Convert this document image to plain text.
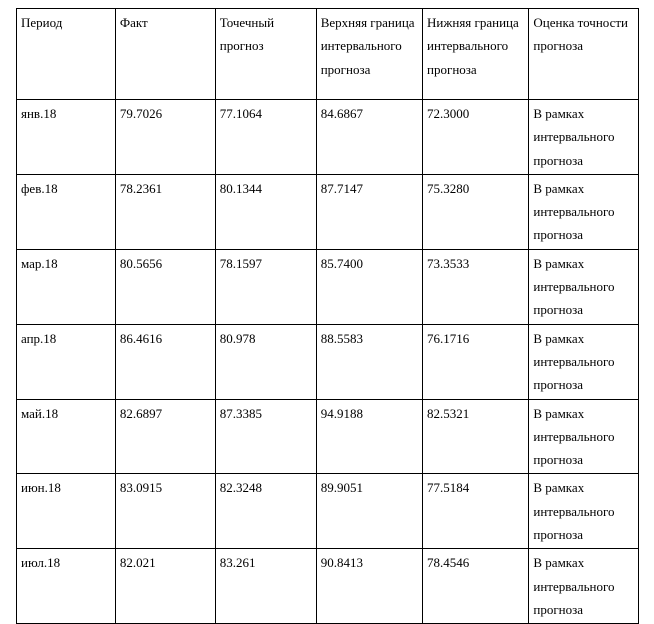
Период	Факт	Точечный прогноз	Верхняя граница интервального прогноза	Нижняя граница интервального прогноза	Оценка точности прогноза
янв.18	79.7026	77.1064	84.6867	72.3000	В рамках интервального прогноза
фев.18	78.2361	80.1344	87.7147	75.3280	В рамках интервального прогноза
мар.18	80.5656	78.1597	85.7400	73.3533	В рамках интервального прогноза
апр.18	86.4616	80.978	88.5583	76.1716	В рамках интервального прогноза
май.18	82.6897	87.3385	94.9188	82.5321	В рамках интервального прогноза
июн.18	83.0915	82.3248	89.9051	77.5184	В рамках интервального прогноза
июл.18	82.021	83.261	90.8413	78.4546	В рамках интервального прогноза
